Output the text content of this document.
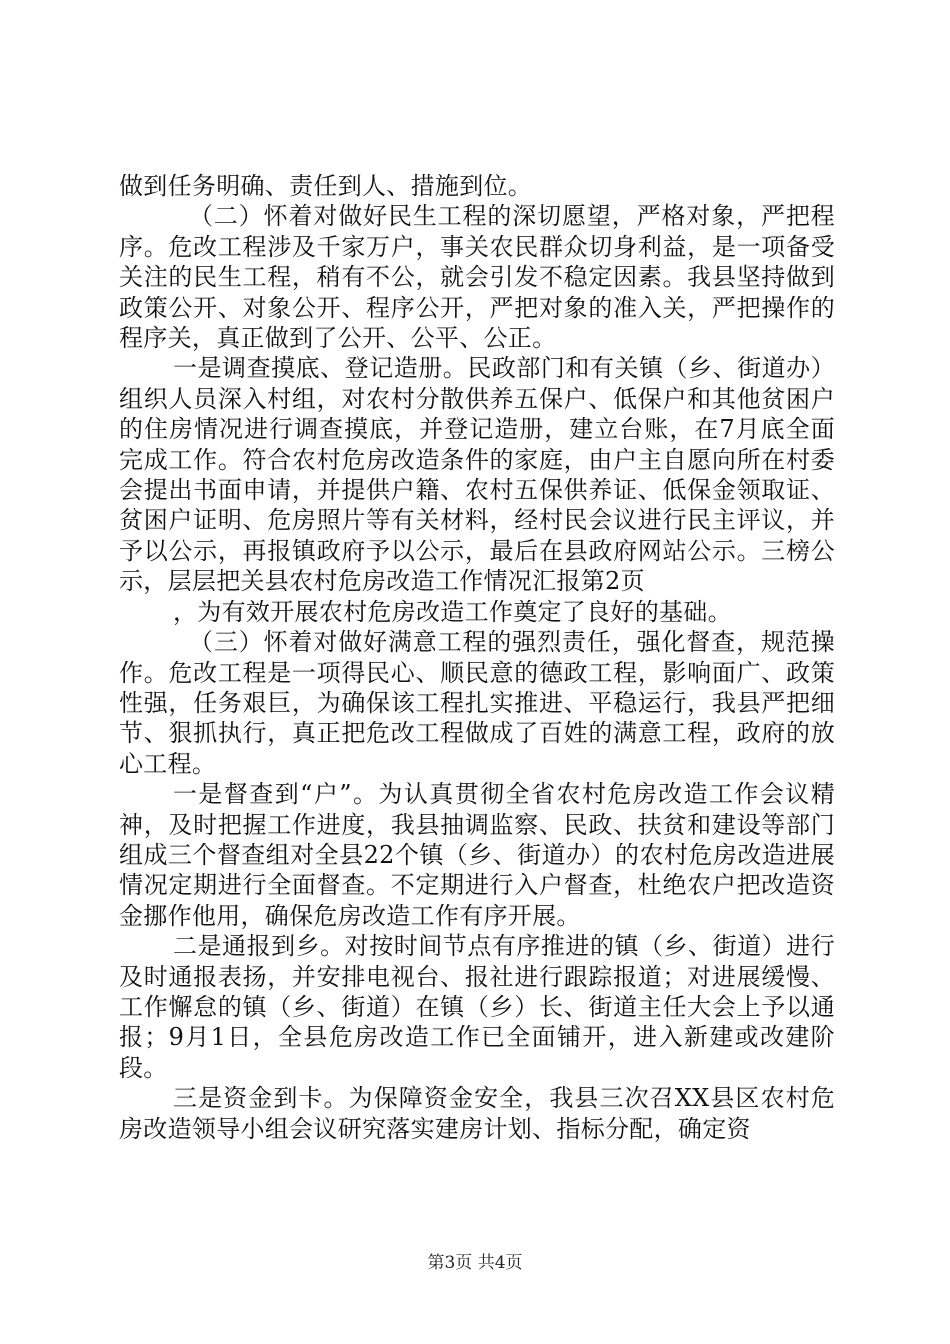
做到任务明确、责任到人、措施到位。

（二）怀着对做好民生工程的深切愿望，严格对象，严把程序。危改工程涉及千家万户，事关农民群众切身利益，是一项备受关注的民生工程，稍有不公，就会引发不稳定因素。我县坚持做到政策公开、对象公开、程序公开，严把对象的准入关，严把操作的程序关，真正做到了公开、公平、公正。

一是调查摸底、登记造册。民政部门和有关镇（乡、街道办）组织人员深入村组，对农村分散供养五保户、低保户和其他贫困户的住房情况进行调查摸底，并登记造册，建立台账，在7月底全面完成工作。符合农村危房改造条件的家庭，由户主自愿向所在村委会提出书面申请，并提供户籍、农村五保供养证、低保金领取证、贫困户证明、危房照片等有关材料，经村民会议进行民主评议，并予以公示，再报镇政府予以公示，最后在县政府网站公示。三榜公示，层层把关县农村危房改造工作情况汇报第2页

，为有效开展农村危房改造工作奠定了良好的基础。

（三）怀着对做好满意工程的强烈责任，强化督查，规范操作。危改工程是一项得民心、顺民意的德政工程，影响面广、政策性强，任务艰巨，为确保该工程扎实推进、平稳运行，我县严把细节、狠抓执行，真正把危改工程做成了百姓的满意工程，政府的放心工程。

一是督查到“户”。为认真贯彻全省农村危房改造工作会议精神，及时把握工作进度，我县抽调监察、民政、扶贫和建设等部门组成三个督查组对全县22个镇（乡、街道办）的农村危房改造进展情况定期进行全面督查。不定期进行入户督查，杜绝农户把改造资金挪作他用，确保危房改造工作有序开展。

二是通报到乡。对按时间节点有序推进的镇（乡、街道）进行及时通报表扬，并安排电视台、报社进行跟踪报道；对进展缓慢、工作懈怠的镇（乡、街道）在镇（乡）长、街道主任大会上予以通报；9月1日，全县危房改造工作已全面铺开，进入新建或改建阶段。

三是资金到卡。为保障资金安全，我县三次召XX县区农村危房改造领导小组会议研究落实建房计划、指标分配，确定资

第3页 共4页
